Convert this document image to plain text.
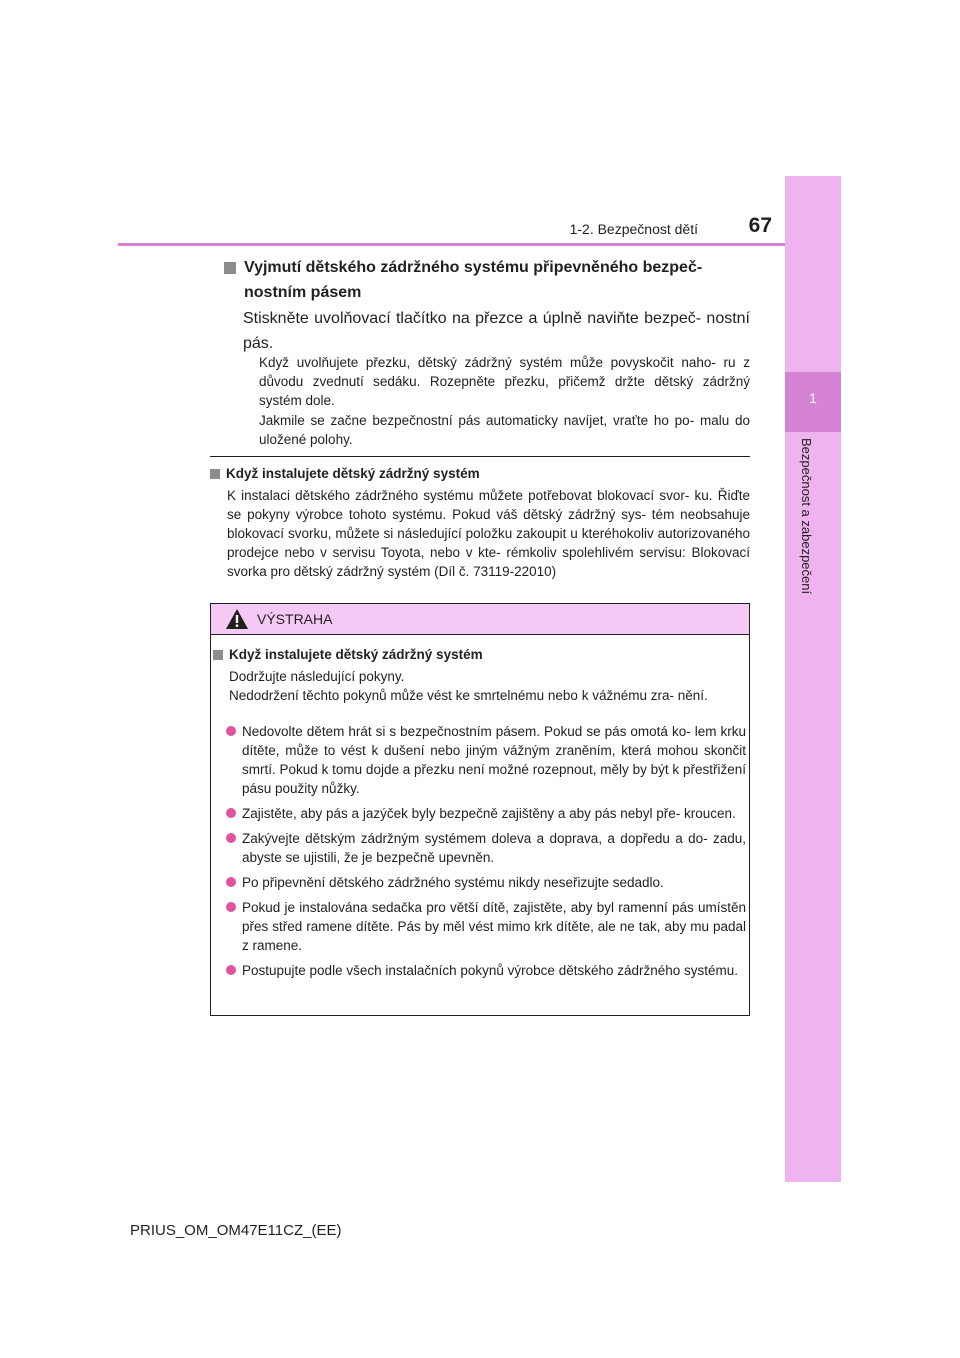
1
Bezpečnost a zabezpečení
1-2. Bezpečnost dětí	67
Vyjmutí dětského zádržného systému připevněného bezpeč-
nostním pásem
Stiskněte uvolňovací tlačítko na přezce a úplně naviňte bezpeč- nostní pás.
Když uvolňujete přezku, dětský zádržný systém může povyskočit naho- ru z důvodu zvednutí sedáku. Rozepněte přezku, přičemž držte dětský zádržný systém dole.
Jakmile se začne bezpečnostní pás automaticky navíjet, vraťte ho po- malu do uložené polohy.
Když instalujete dětský zádržný systém
K instalaci dětského zádržného systému můžete potřebovat blokovací svor- ku. Řiďte se pokyny výrobce tohoto systému. Pokud váš dětský zádržný sys- tém neobsahuje blokovací svorku, můžete si následující položku zakoupit u kteréhokoliv autorizovaného prodejce nebo v servisu Toyota, nebo v kte- rémkoliv spolehlivém servisu: Blokovací svorka pro dětský zádržný systém (Díl č. 73119-22010)
VÝSTRAHA
Když instalujete dětský zádržný systém
Dodržujte následující pokyny.
Nedodržení těchto pokynů může vést ke smrtelnému nebo k vážnému zra- nění.
Nedovolte dětem hrát si s bezpečnostním pásem. Pokud se pás omotá ko- lem krku dítěte, může to vést k dušení nebo jiným vážným zraněním, která mohou skončit smrtí. Pokud k tomu dojde a přezku není možné rozepnout, měly by být k přestřižení pásu použity nůžky.
Zajistěte, aby pás a jazýček byly bezpečně zajištěny a aby pás nebyl pře- kroucen.
Zakývejte dětským zádržným systémem doleva a doprava, a dopředu a do- zadu, abyste se ujistili, že je bezpečně upevněn.
Po připevnění dětského zádržného systému nikdy neseřizujte sedadlo.
Pokud je instalována sedačka pro větší dítě, zajistěte, aby byl ramenní pás umístěn přes střed ramene dítěte. Pás by měl vést mimo krk dítěte, ale ne tak, aby mu padal z ramene.
Postupujte podle všech instalačních pokynů výrobce dětského zádržného systému.
PRIUS_OM_OM47E11CZ_(EE)
